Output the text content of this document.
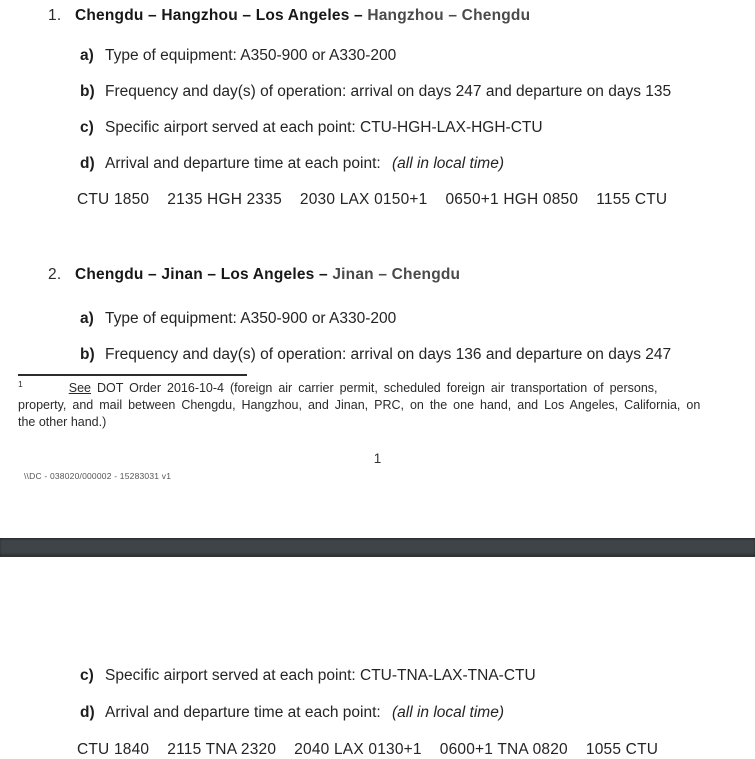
1. Chengdu – Hangzhou – Los Angeles – Hangzhou – Chengdu
a) Type of equipment: A350-900 or A330-200
b) Frequency and day(s) of operation: arrival on days 247 and departure on days 135
c) Specific airport served at each point: CTU-HGH-LAX-HGH-CTU
d) Arrival and departure time at each point: (all in local time)
CTU 1850    2135 HGH 2335    2030 LAX 0150+1    0650+1 HGH 0850    1155 CTU
2. Chengdu – Jinan – Los Angeles – Jinan – Chengdu
a) Type of equipment: A350-900 or A330-200
b) Frequency and day(s) of operation: arrival on days 136 and departure on days 247
$^1$	See DOT Order 2016-10-4 (foreign air carrier permit, scheduled foreign air transportation of persons,
property, and mail between Chengdu, Hangzhou, and Jinan, PRC, on the one hand, and Los Angeles, California, on
the other hand.)
1
\\DC - 038020/000002 - 15283031 v1
c) Specific airport served at each point: CTU-TNA-LAX-TNA-CTU
d) Arrival and departure time at each point: (all in local time)
CTU 1840    2115 TNA 2320    2040 LAX 0130+1    0600+1 TNA 0820    1055 CTU
